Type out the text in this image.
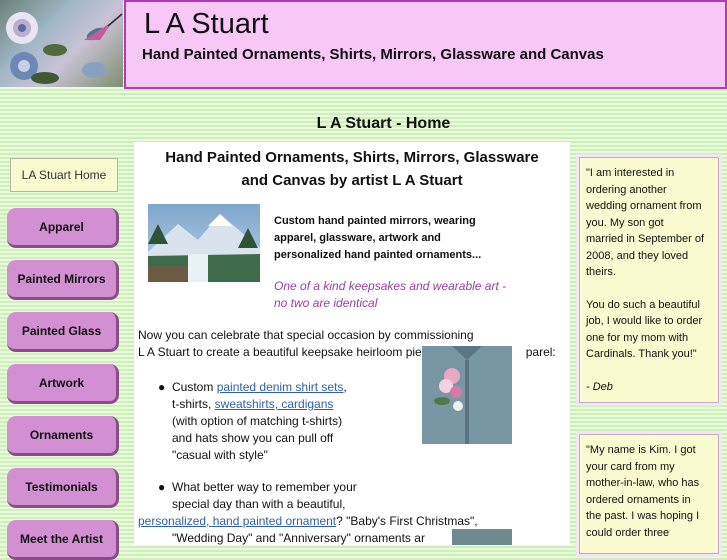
L A Stuart

Hand Painted Ornaments, Shirts, Mirrors, Glassware and Canvas

L A Stuart - Home
LA Stuart Home
Apparel
Painted Mirrors
Painted Glass
Artwork
Ornaments
Testimonials
Meet the Artist
Hand Painted Ornaments, Shirts, Mirrors, Glassware
and Canvas by artist L A Stuart

Custom hand painted mirrors, wearing
apparel, glassware, artwork and
personalized hand painted ornaments...

One of a kind keepsakes and wearable art -
no two are identical

Now you can celebrate that special occasion by commissioning
L A Stuart to create a beautiful keepsake heirloom pie	parel:

● Custom painted denim shirt sets,
t-shirts, sweatshirts, cardigans
(with option of matching t-shirts)
and hats show you can pull off
"casual with style"
● What better way to remember your
special day than with a beautiful,
personalized, hand painted ornament? "Baby's First Christmas",
"Wedding Day" and "Anniversary" ornaments ar

"I am interested in
ordering another
wedding ornament from
you. My son got
married in September of
2008, and they loved
theirs.

You do such a beautiful
job, I would like to order
one for my mom with
Cardinals. Thank you!"

- Deb

"My name is Kim. I got
your card from my
mother-in-law, who has
ordered ornaments in
the past. I was hoping I
could order three
